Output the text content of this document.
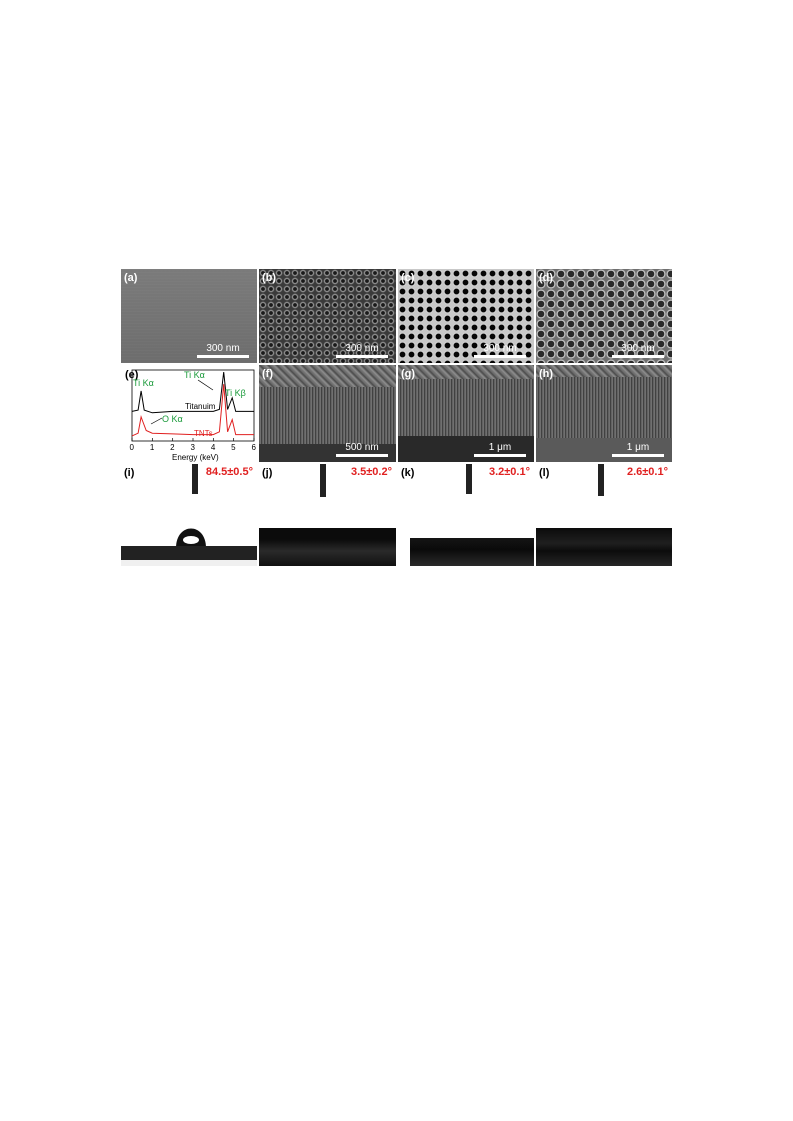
(a)
300 nm
(b)
300 nm
(c)
300 nm
(d)
300 nm
(e)
0 1 2 3 4 5 6
Ti Kα
Ti Kα
Ti Kβ
O Kα
Titanuim
TNTs
Energy (keV)
(f)
500 nm
(g)
1 μm
(h)
1 μm
(i)	84.5±0.5° (j)	3.5±0.2° (k)	3.2±0.1° (l)	2.6±0.1°
